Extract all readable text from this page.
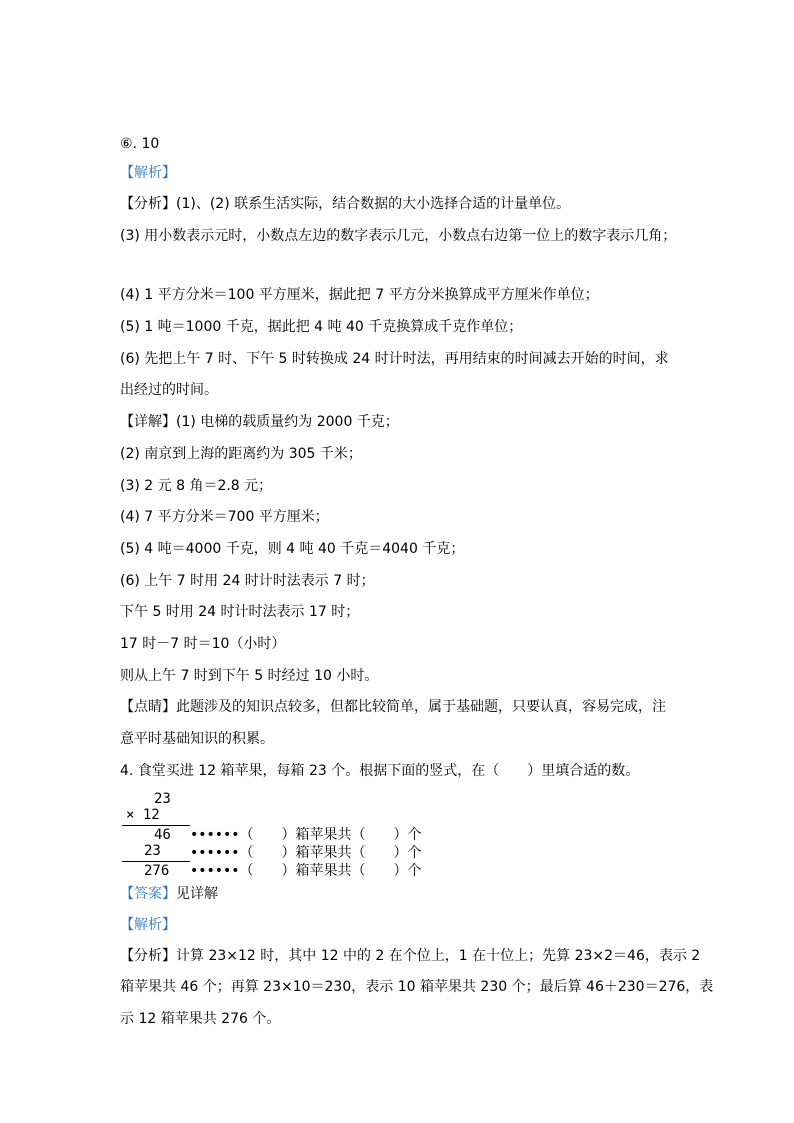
⑥. 10
【解析】
【分析】(1)、(2) 联系生活实际，结合数据的大小选择合适的计量单位。
(3) 用小数表示元时，小数点左边的数字表示几元，小数点右边第一位上的数字表示几角；
(4) 1 平方分米＝100 平方厘米，据此把 7 平方分米换算成平方厘米作单位；
(5) 1 吨＝1000 千克，据此把 4 吨 40 千克换算成千克作单位；
(6) 先把上午 7 时、下午 5 时转换成 24 时计时法，再用结束的时间减去开始的时间，求
出经过的时间。
【详解】(1) 电梯的载质量约为 2000 千克；
(2) 南京到上海的距离约为 305 千米；
(3) 2 元 8 角＝2.8 元；
(4) 7 平方分米＝700 平方厘米；
(5) 4 吨＝4000 千克，则 4 吨 40 千克＝4040 千克；
(6) 上午 7 时用 24 时计时法表示 7 时；
下午 5 时用 24 时计时法表示 17 时；
17 时－7 时＝10（小时）
则从上午 7 时到下午 5 时经过 10 小时。
【点睛】此题涉及的知识点较多，但都比较简单，属于基础题，只要认真，容易完成，注
意平时基础知识的积累。
4. 食堂买进 12 箱苹果，每箱 23 个。根据下面的竖式，在（　　）里填合适的数。
23
× 12
46
23
276
••••••（　　）箱苹果共（　　）个
••••••（　　）箱苹果共（　　）个
••••••（　　）箱苹果共（　　）个
【答案】见详解
【解析】
【分析】计算 23×12 时，其中 12 中的 2 在个位上，1 在十位上；先算 23×2＝46，表示 2
箱苹果共 46 个；再算 23×10＝230，表示 10 箱苹果共 230 个；最后算 46＋230＝276，表
示 12 箱苹果共 276 个。
